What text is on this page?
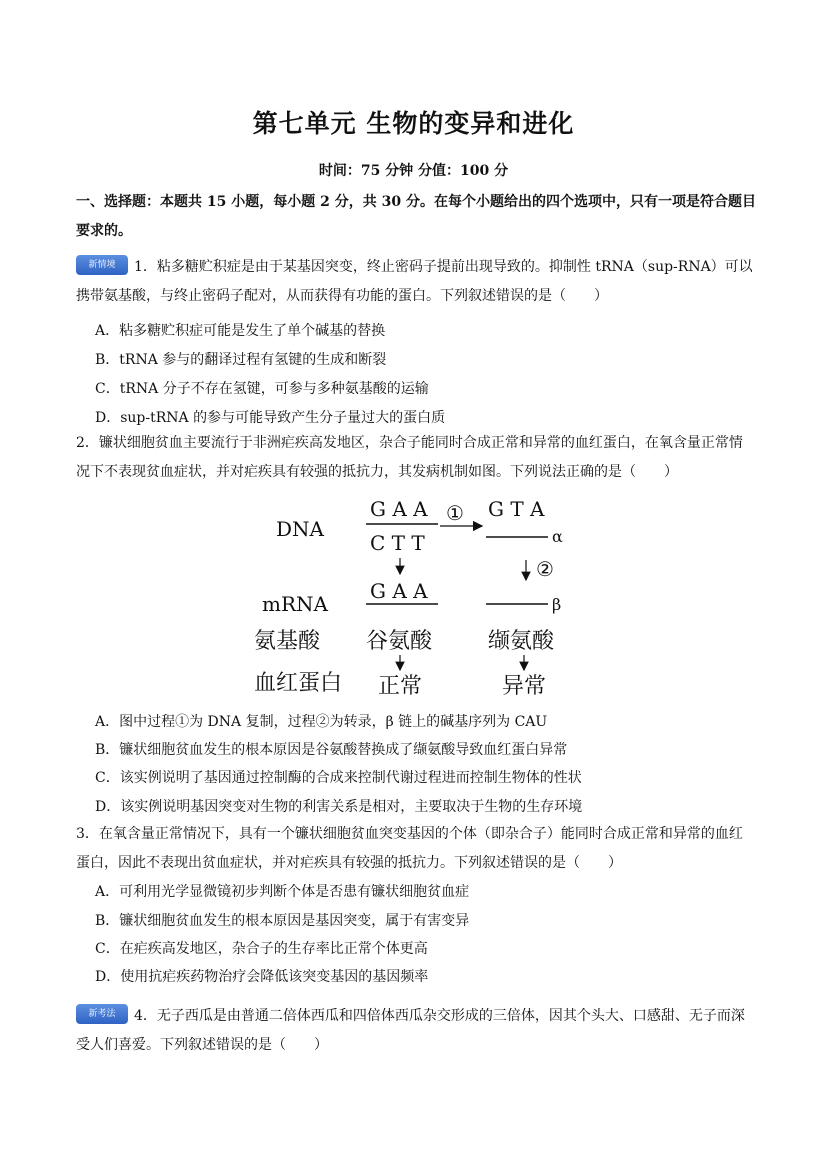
第七单元 生物的变异和进化
时间：75 分钟 分值：100 分
一、选择题：本题共 15 小题，每小题 2 分，共 30 分。在每个小题给出的四个选项中，只有一项是符合题目要求的。
新情境 1．粘多糖贮积症是由于某基因突变，终止密码子提前出现导致的。抑制性 tRNA（sup-RNA）可以携带氨基酸，与终止密码子配对，从而获得有功能的蛋白。下列叙述错误的是（　　）
A．粘多糖贮积症可能是发生了单个碱基的替换
B．tRNA 参与的翻译过程有氢键的生成和断裂
C．tRNA 分子不存在氢键，可参与多种氨基酸的运输
D．sup-tRNA 的参与可能导致产生分子量过大的蛋白质
2．镰状细胞贫血主要流行于非洲疟疾高发地区，杂合子能同时合成正常和异常的血红蛋白，在氧含量正常情况下不表现贫血症状，并对疟疾具有较强的抵抗力，其发病机制如图。下列说法正确的是（　　）
DNA
mRNA
氨基酸
血红蛋白
G A A
C T T
① G T A
α
G A A
②
β
谷氨酸	缬氨酸
正常	异常
A．图中过程①为 DNA 复制，过程②为转录，β 链上的碱基序列为 CAU
B．镰状细胞贫血发生的根本原因是谷氨酸替换成了缬氨酸导致血红蛋白异常
C．该实例说明了基因通过控制酶的合成来控制代谢过程进而控制生物体的性状
D．该实例说明基因突变对生物的利害关系是相对，主要取决于生物的生存环境
3．在氧含量正常情况下，具有一个镰状细胞贫血突变基因的个体（即杂合子）能同时合成正常和异常的血红蛋白，因此不表现出贫血症状，并对疟疾具有较强的抵抗力。下列叙述错误的是（　　）
A．可利用光学显微镜初步判断个体是否患有镰状细胞贫血症
B．镰状细胞贫血发生的根本原因是基因突变，属于有害变异
C．在疟疾高发地区，杂合子的生存率比正常个体更高
D．使用抗疟疾药物治疗会降低该突变基因的基因频率
新考法 4．无子西瓜是由普通二倍体西瓜和四倍体西瓜杂交形成的三倍体，因其个头大、口感甜、无子而深受人们喜爱。下列叙述错误的是（　　）
